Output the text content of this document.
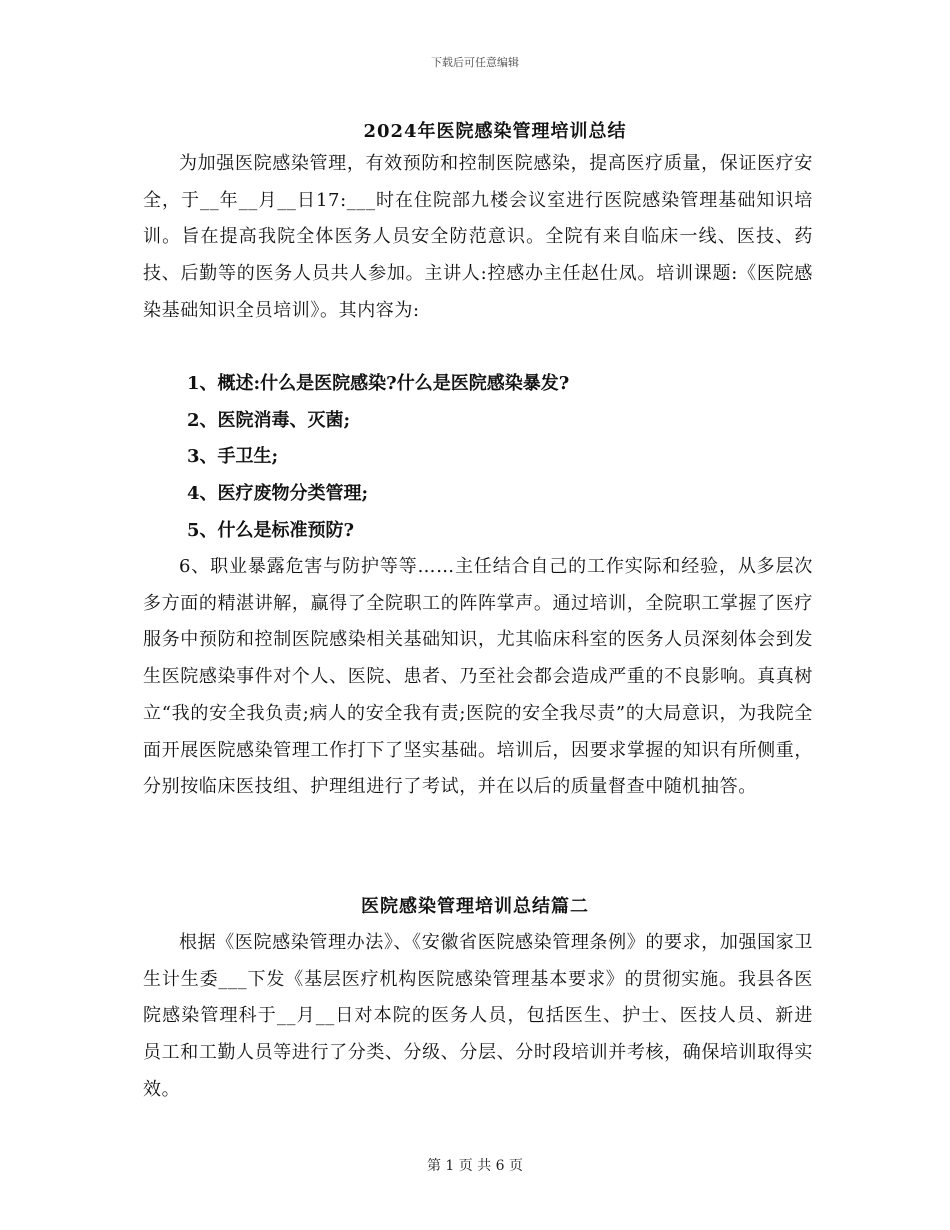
下载后可任意编辑
2024年医院感染管理培训总结

为加强医院感染管理，有效预防和控制医院感染，提高医疗质量，保证医疗安全，于__年__月__日17:___时在住院部九楼会议室进行医院感染管理基础知识培训。旨在提高我院全体医务人员安全防范意识。全院有来自临床一线、医技、药技、后勤等的医务人员共人参加。主讲人:控感办主任赵仕凤。培训课题:《医院感染基础知识全员培训》。其内容为:

1、概述:什么是医院感染?什么是医院感染暴发?
2、医院消毒、灭菌;
3、手卫生;
4、医疗废物分类管理;
5、什么是标准预防?

6、职业暴露危害与防护等等……主任结合自己的工作实际和经验，从多层次多方面的精湛讲解，赢得了全院职工的阵阵掌声。通过培训，全院职工掌握了医疗服务中预防和控制医院感染相关基础知识，尤其临床科室的医务人员深刻体会到发生医院感染事件对个人、医院、患者、乃至社会都会造成严重的不良影响。真真树立“我的安全我负责;病人的安全我有责;医院的安全我尽责”的大局意识，为我院全面开展医院感染管理工作打下了坚实基础。培训后，因要求掌握的知识有所侧重，分别按临床医技组、护理组进行了考试，并在以后的质量督查中随机抽答。

医院感染管理培训总结篇二

根据《医院感染管理办法》、《安徽省医院感染管理条例》的要求，加强国家卫生计生委___下发《基层医疗机构医院感染管理基本要求》的贯彻实施。我县各医院感染管理科于__月__日对本院的医务人员，包括医生、护士、医技人员、新进员工和工勤人员等进行了分类、分级、分层、分时段培训并考核，确保培训取得实效。

第 1 页 共 6 页
